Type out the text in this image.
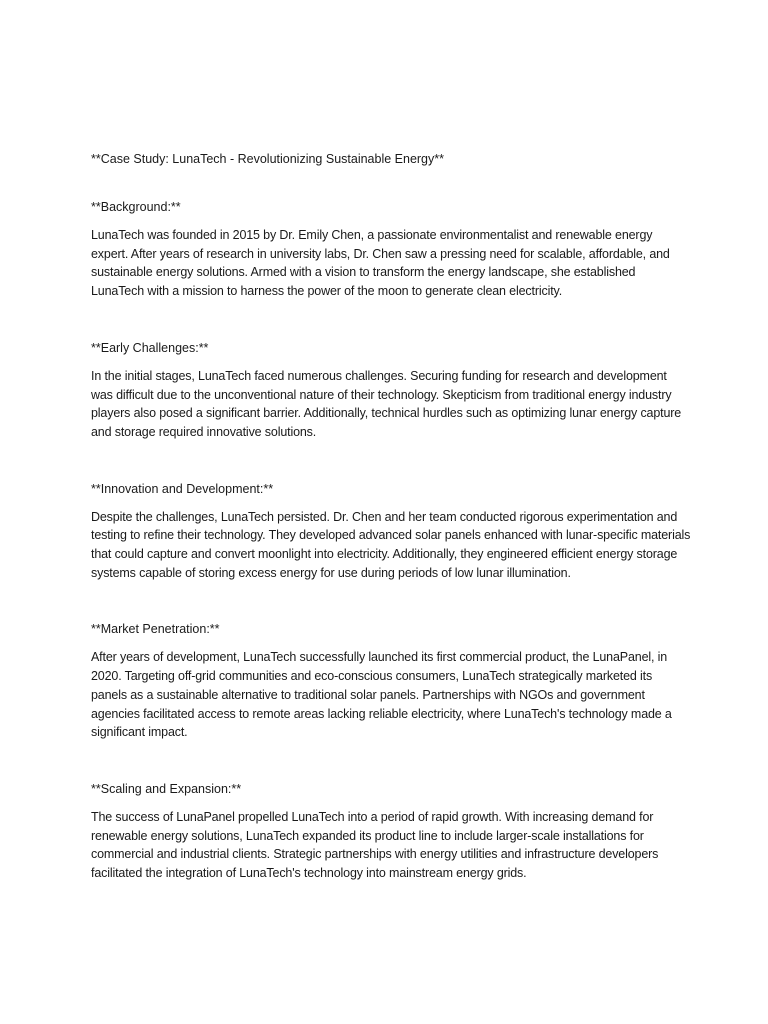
**Case Study: LunaTech - Revolutionizing Sustainable Energy**
**Background:**
LunaTech was founded in 2015 by Dr. Emily Chen, a passionate environmentalist and renewable energy expert. After years of research in university labs, Dr. Chen saw a pressing need for scalable, affordable, and sustainable energy solutions. Armed with a vision to transform the energy landscape, she established LunaTech with a mission to harness the power of the moon to generate clean electricity.
**Early Challenges:**
In the initial stages, LunaTech faced numerous challenges. Securing funding for research and development was difficult due to the unconventional nature of their technology. Skepticism from traditional energy industry players also posed a significant barrier. Additionally, technical hurdles such as optimizing lunar energy capture and storage required innovative solutions.
**Innovation and Development:**
Despite the challenges, LunaTech persisted. Dr. Chen and her team conducted rigorous experimentation and testing to refine their technology. They developed advanced solar panels enhanced with lunar-specific materials that could capture and convert moonlight into electricity. Additionally, they engineered efficient energy storage systems capable of storing excess energy for use during periods of low lunar illumination.
**Market Penetration:**
After years of development, LunaTech successfully launched its first commercial product, the LunaPanel, in 2020. Targeting off-grid communities and eco-conscious consumers, LunaTech strategically marketed its panels as a sustainable alternative to traditional solar panels. Partnerships with NGOs and government agencies facilitated access to remote areas lacking reliable electricity, where LunaTech's technology made a significant impact.
**Scaling and Expansion:**
The success of LunaPanel propelled LunaTech into a period of rapid growth. With increasing demand for renewable energy solutions, LunaTech expanded its product line to include larger-scale installations for commercial and industrial clients. Strategic partnerships with energy utilities and infrastructure developers facilitated the integration of LunaTech's technology into mainstream energy grids.
